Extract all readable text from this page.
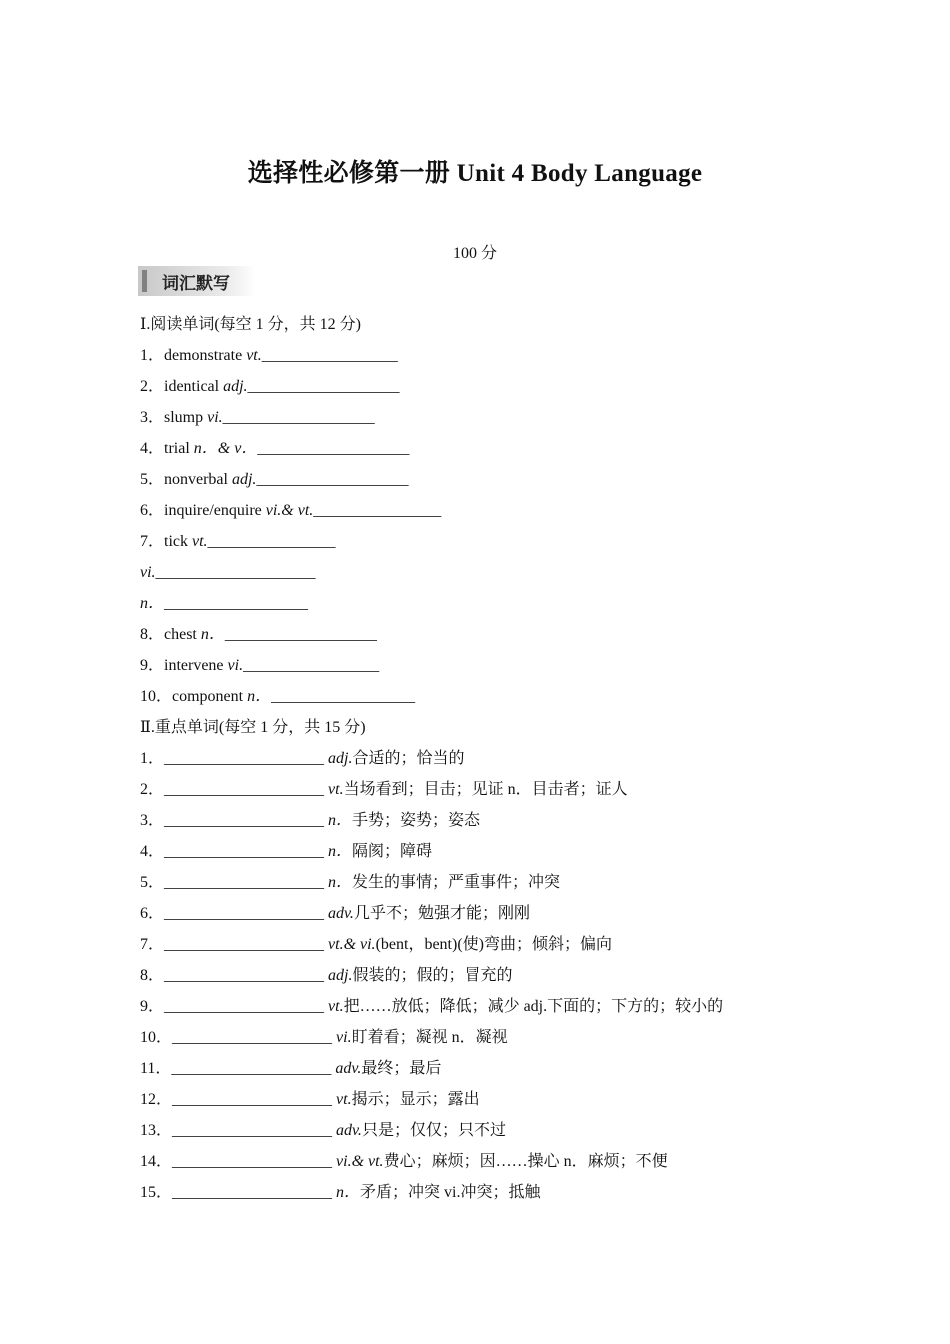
选择性必修第一册 Unit 4 Body Language
100 分
词汇默写
Ⅰ.阅读单词(每空 1 分，共 12 分)
1．demonstrate vt._________________
2．identical adj.___________________
3．slump vi.___________________
4．trial n．& v．___________________
5．nonverbal adj.___________________
6．inquire/enquire vi.& vt.________________
7．tick vt.________________
vi.____________________
n．__________________
8．chest n．___________________
9．intervene vi._________________
10．component n．__________________
Ⅱ.重点单词(每空 1 分，共 15 分)
1．____________________ adj.合适的；恰当的
2．____________________ vt.当场看到；目击；见证 n．目击者；证人
3．____________________ n．手势；姿势；姿态
4．____________________ n．隔阂；障碍
5．____________________ n．发生的事情；严重事件；冲突
6．____________________ adv.几乎不；勉强才能；刚刚
7．____________________ vt.& vi.(bent，bent)(使)弯曲；倾斜；偏向
8．____________________ adj.假装的；假的；冒充的
9．____________________ vt.把……放低；降低；减少 adj.下面的；下方的；较小的
10．____________________ vi.盯着看；凝视 n．凝视
11．____________________ adv.最终；最后
12．____________________ vt.揭示；显示；露出
13．____________________ adv.只是；仅仅；只不过
14．____________________ vi.& vt.费心；麻烦；因……操心 n．麻烦；不便
15．____________________ n．矛盾；冲突 vi.冲突；抵触
